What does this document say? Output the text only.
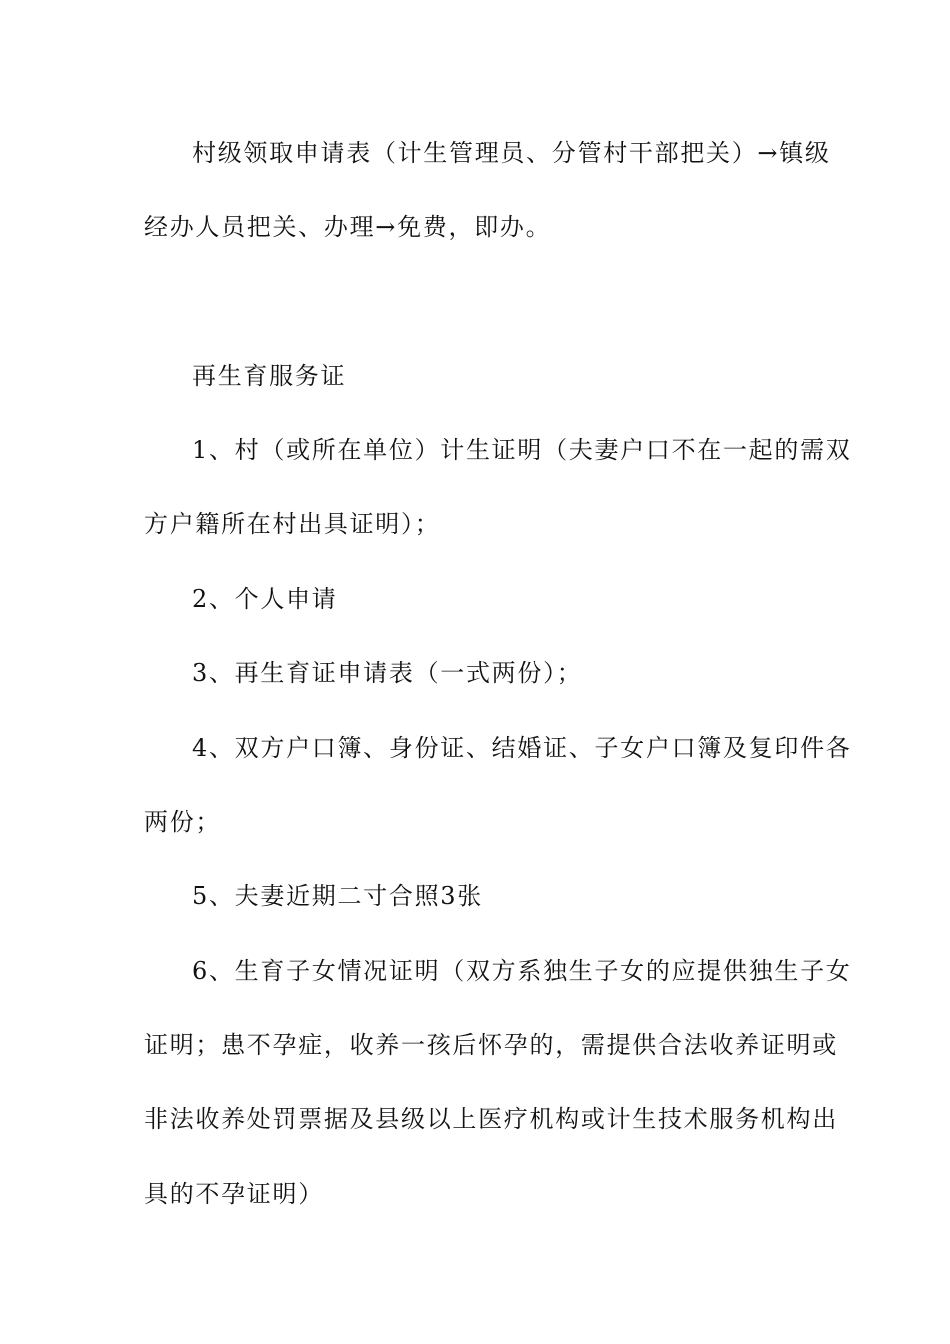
村级领取申请表（计生管理员、分管村干部把关）→镇级
经办人员把关、办理→免费，即办。
再生育服务证
1、村（或所在单位）计生证明（夫妻户口不在一起的需双
方户籍所在村出具证明）；
2、个人申请
3、再生育证申请表（一式两份）；
4、双方户口簿、身份证、结婚证、子女户口簿及复印件各
两份；
5、夫妻近期二寸合照3张
6、生育子女情况证明（双方系独生子女的应提供独生子女
证明；患不孕症，收养一孩后怀孕的，需提供合法收养证明或
非法收养处罚票据及县级以上医疗机构或计生技术服务机构出
具的不孕证明）
